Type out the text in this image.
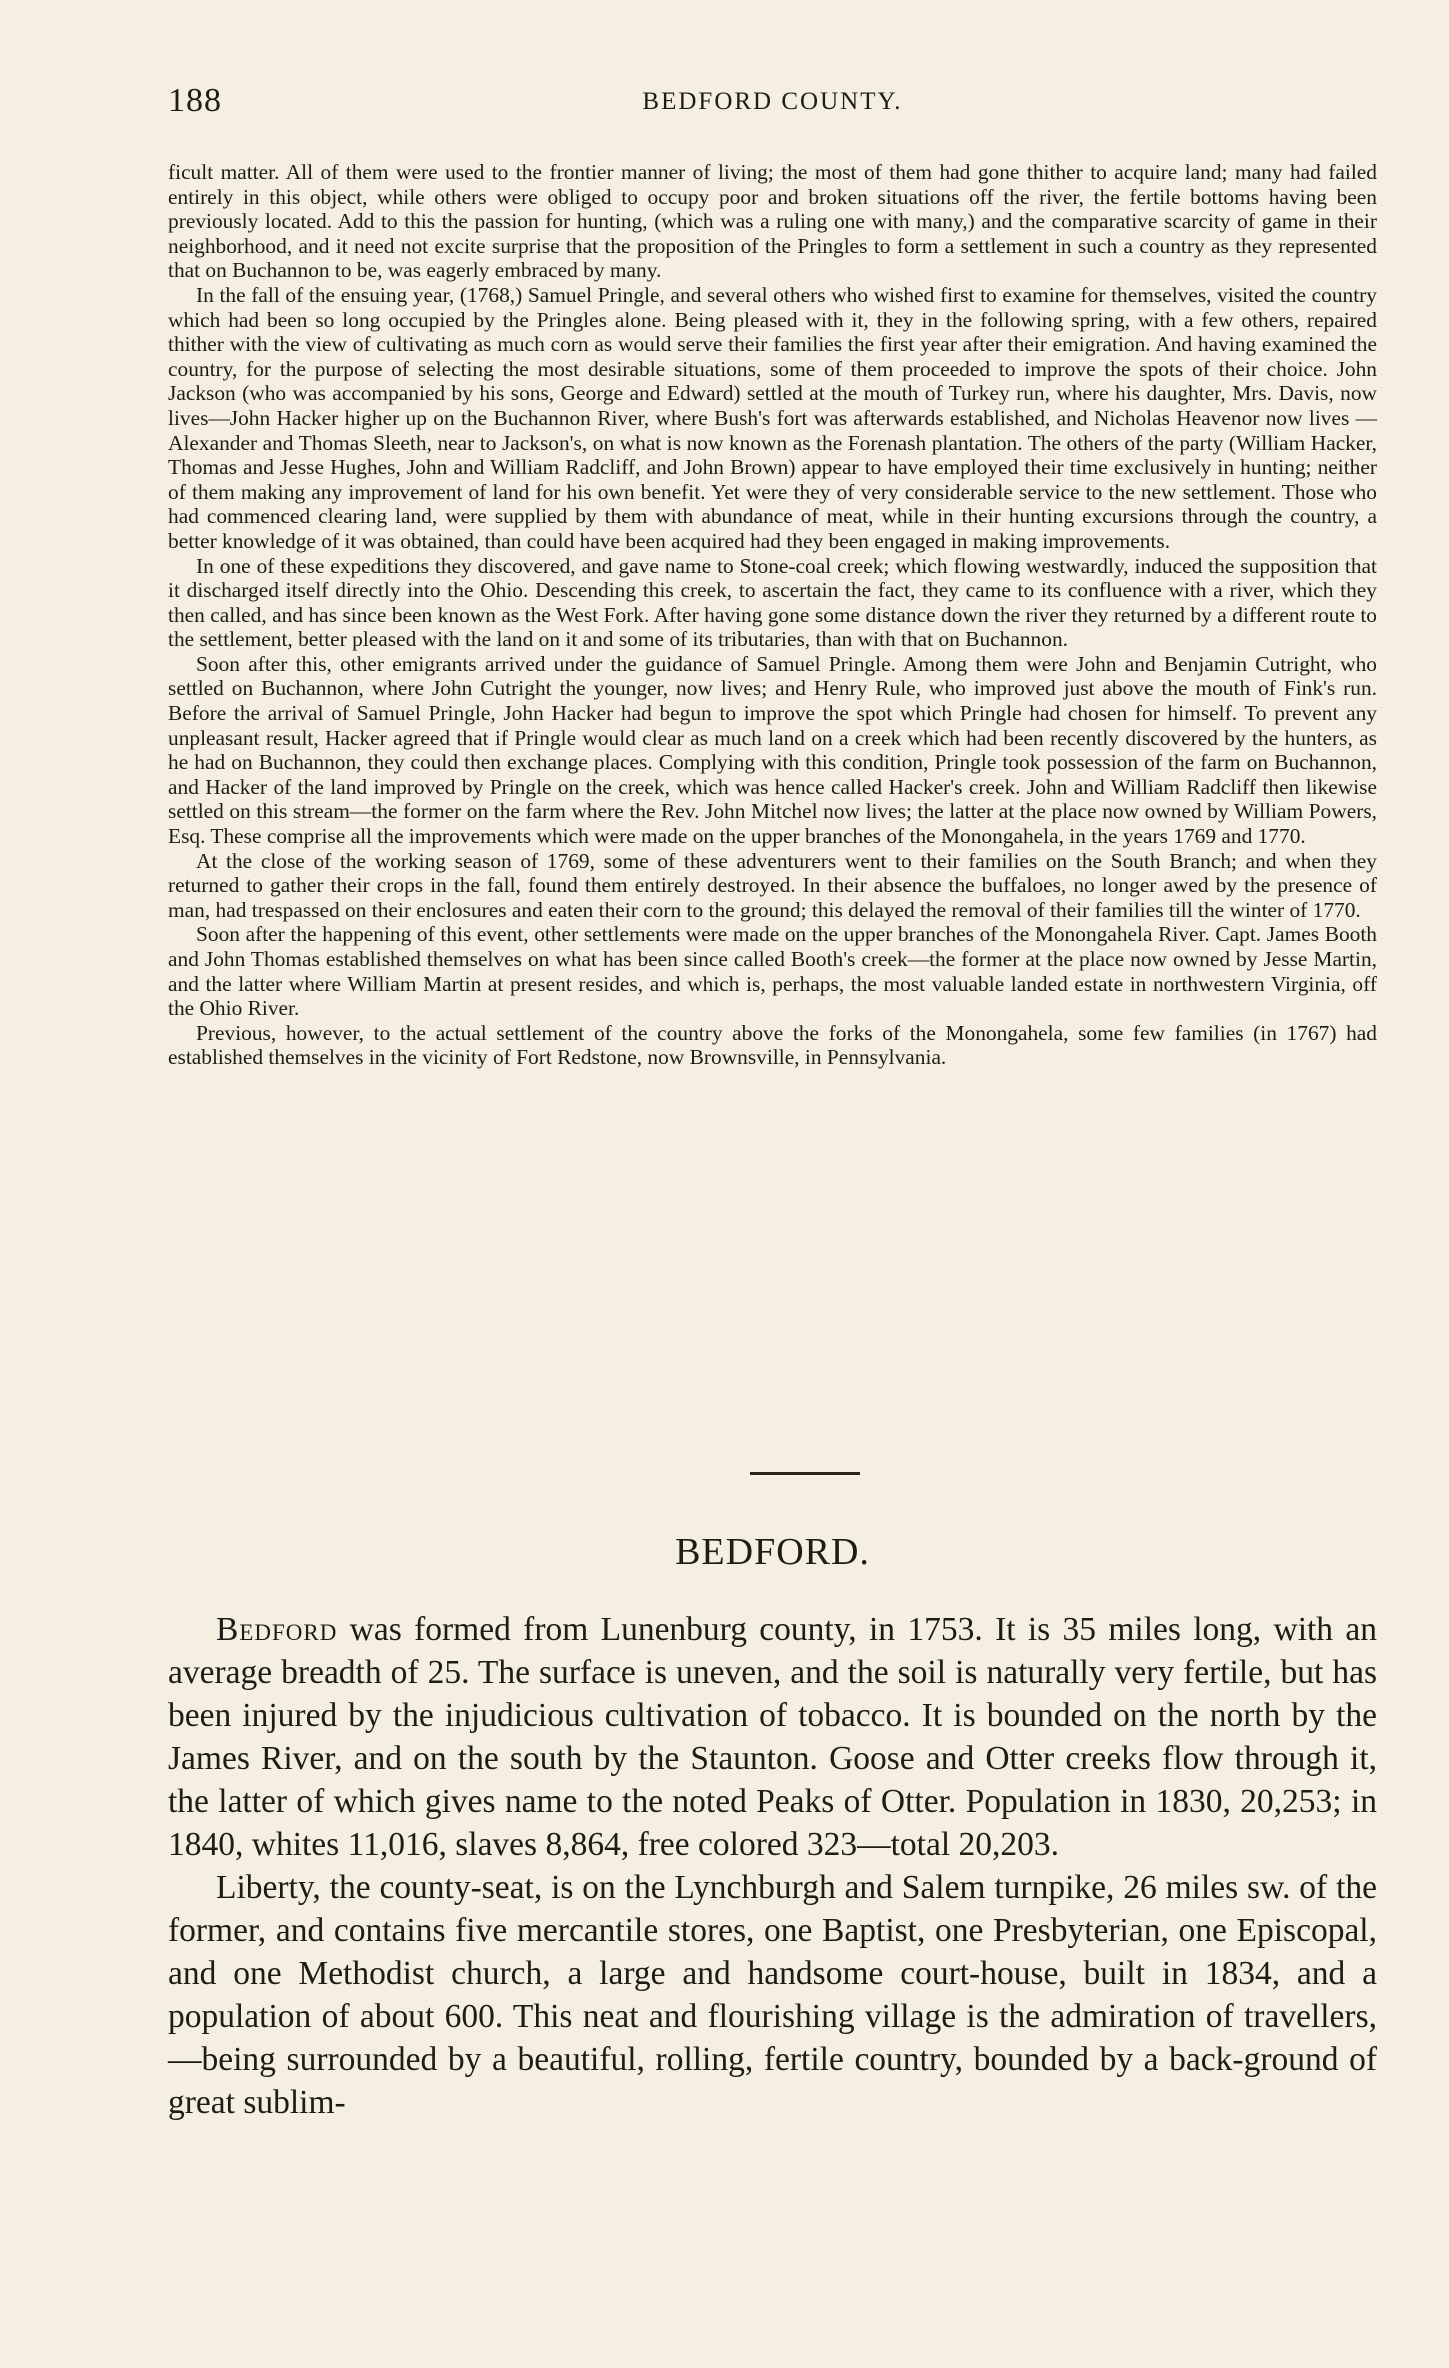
188	BEDFORD COUNTY.

ficult matter. All of them were used to the frontier manner of living; the most of them had gone thither to acquire land; many had failed entirely in this object, while others were obliged to occupy poor and broken situations off the river, the fertile bottoms having been previously located. Add to this the passion for hunting, (which was a ruling one with many,) and the comparative scarcity of game in their neighborhood, and it need not excite surprise that the proposition of the Pringles to form a settlement in such a country as they represented that on Buchannon to be, was eagerly embraced by many.

In the fall of the ensuing year, (1768,) Samuel Pringle, and several others who wished first to examine for themselves, visited the country which had been so long occupied by the Pringles alone. Being pleased with it, they in the following spring, with a few others, repaired thither with the view of cultivating as much corn as would serve their families the first year after their emigration. And having examined the country, for the purpose of selecting the most desirable situations, some of them proceeded to improve the spots of their choice. John Jackson (who was accompanied by his sons, George and Edward) settled at the mouth of Turkey run, where his daughter, Mrs. Davis, now lives—John Hacker higher up on the Buchannon River, where Bush's fort was afterwards established, and Nicholas Heavenor now lives —Alexander and Thomas Sleeth, near to Jackson's, on what is now known as the Forenash plantation. The others of the party (William Hacker, Thomas and Jesse Hughes, John and William Radcliff, and John Brown) appear to have employed their time exclusively in hunting; neither of them making any improvement of land for his own benefit. Yet were they of very considerable service to the new settlement. Those who had commenced clearing land, were supplied by them with abundance of meat, while in their hunting excursions through the country, a better knowledge of it was obtained, than could have been acquired had they been engaged in making improvements.

In one of these expeditions they discovered, and gave name to Stone-coal creek; which flowing westwardly, induced the supposition that it discharged itself directly into the Ohio. Descending this creek, to ascertain the fact, they came to its confluence with a river, which they then called, and has since been known as the West Fork. After having gone some distance down the river they returned by a different route to the settlement, better pleased with the land on it and some of its tributaries, than with that on Buchannon.

Soon after this, other emigrants arrived under the guidance of Samuel Pringle. Among them were John and Benjamin Cutright, who settled on Buchannon, where John Cutright the younger, now lives; and Henry Rule, who improved just above the mouth of Fink's run. Before the arrival of Samuel Pringle, John Hacker had begun to improve the spot which Pringle had chosen for himself. To prevent any unpleasant result, Hacker agreed that if Pringle would clear as much land on a creek which had been recently discovered by the hunters, as he had on Buchannon, they could then exchange places. Complying with this condition, Pringle took possession of the farm on Buchannon, and Hacker of the land improved by Pringle on the creek, which was hence called Hacker's creek. John and William Radcliff then likewise settled on this stream—the former on the farm where the Rev. John Mitchel now lives; the latter at the place now owned by William Powers, Esq. These comprise all the improvements which were made on the upper branches of the Monongahela, in the years 1769 and 1770.

At the close of the working season of 1769, some of these adventurers went to their families on the South Branch; and when they returned to gather their crops in the fall, found them entirely destroyed. In their absence the buffaloes, no longer awed by the presence of man, had trespassed on their enclosures and eaten their corn to the ground; this delayed the removal of their families till the winter of 1770.

Soon after the happening of this event, other settlements were made on the upper branches of the Monongahela River. Capt. James Booth and John Thomas established themselves on what has been since called Booth's creek—the former at the place now owned by Jesse Martin, and the latter where William Martin at present resides, and which is, perhaps, the most valuable landed estate in northwestern Virginia, off the Ohio River.

Previous, however, to the actual settlement of the country above the forks of the Monongahela, some few families (in 1767) had established themselves in the vicinity of Fort Redstone, now Brownsville, in Pennsylvania.

BEDFORD.

Bedford was formed from Lunenburg county, in 1753. It is 35 miles long, with an average breadth of 25. The surface is uneven, and the soil is naturally very fertile, but has been injured by the injudicious cultivation of tobacco. It is bounded on the north by the James River, and on the south by the Staunton. Goose and Otter creeks flow through it, the latter of which gives name to the noted Peaks of Otter. Population in 1830, 20,253; in 1840, whites 11,016, slaves 8,864, free colored 323—total 20,203.

Liberty, the county-seat, is on the Lynchburgh and Salem turnpike, 26 miles sw. of the former, and contains five mercantile stores, one Baptist, one Presbyterian, one Episcopal, and one Methodist church, a large and handsome court-house, built in 1834, and a population of about 600. This neat and flourishing village is the admiration of travellers,—being surrounded by a beautiful, rolling, fertile country, bounded by a back-ground of great sublim-
